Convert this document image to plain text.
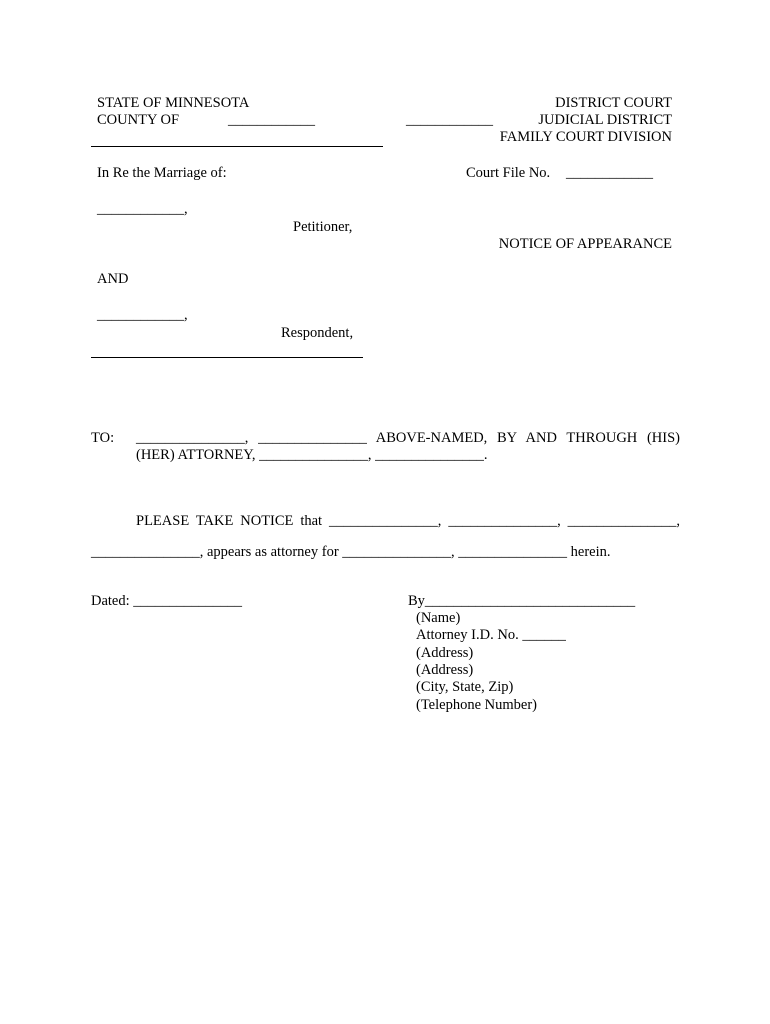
STATE OF MINNESOTA
COUNTY OF	____________
DISTRICT COURT
____________	JUDICIAL DISTRICT
FAMILY COURT DIVISION
In Re the Marriage of:	Court File No. ____________
____________,
Petitioner,
NOTICE OF APPEARANCE
AND
____________,
Respondent,
TO: _______________, _______________ ABOVE-NAMED, BY AND THROUGH (HIS)
(HER) ATTORNEY, _______________, _______________.
PLEASE TAKE NOTICE that _______________, _______________, _______________,
_______________, appears as attorney for _______________, _______________ herein.
Dated: _______________	By_____________________________
(Name)
Attorney I.D. No. ______
(Address)
(Address)
(City, State, Zip)
(Telephone Number)
